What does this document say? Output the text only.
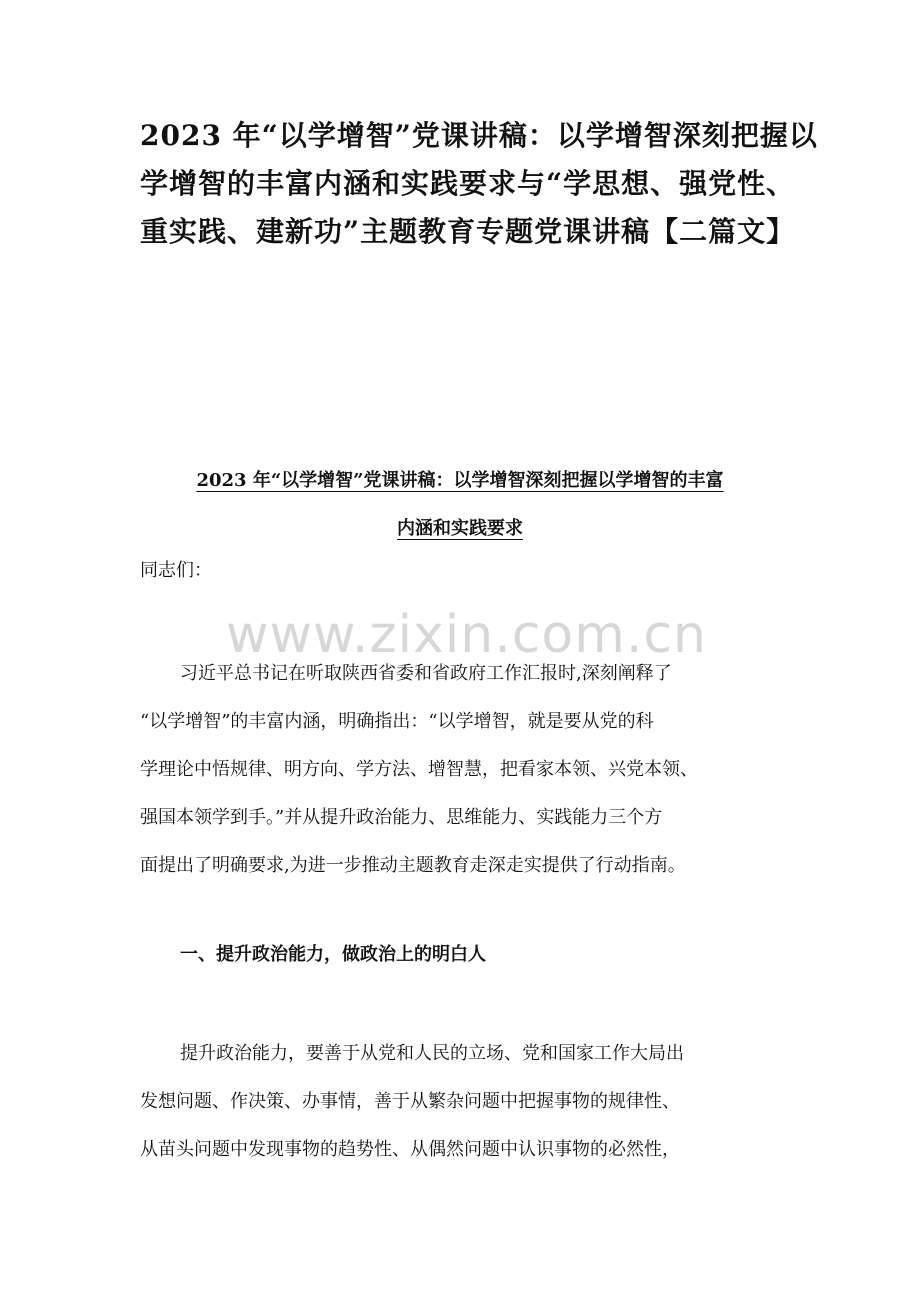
2023 年“以学增智”党课讲稿：以学增智深刻把握以
学增智的丰富内涵和实践要求与“学思想、强党性、
重实践、建新功”主题教育专题党课讲稿【二篇文】
2023 年“以学增智”党课讲稿：以学增智深刻把握以学增智的丰富
内涵和实践要求

同志们：

www.zixin.com.cn
习近平总书记在听取陕西省委和省政府工作汇报时,深刻阐释了
“以学增智”的丰富内涵，明确指出：“以学增智，就是要从党的科
学理论中悟规律、明方向、学方法、增智慧，把看家本领、兴党本领、
强国本领学到手。”并从提升政治能力、思维能力、实践能力三个方
面提出了明确要求,为进一步推动主题教育走深走实提供了行动指南。
一、提升政治能力，做政治上的明白人
提升政治能力，要善于从党和人民的立场、党和国家工作大局出
发想问题、作决策、办事情，善于从繁杂问题中把握事物的规律性、
从苗头问题中发现事物的趋势性、从偶然问题中认识事物的必然性，
